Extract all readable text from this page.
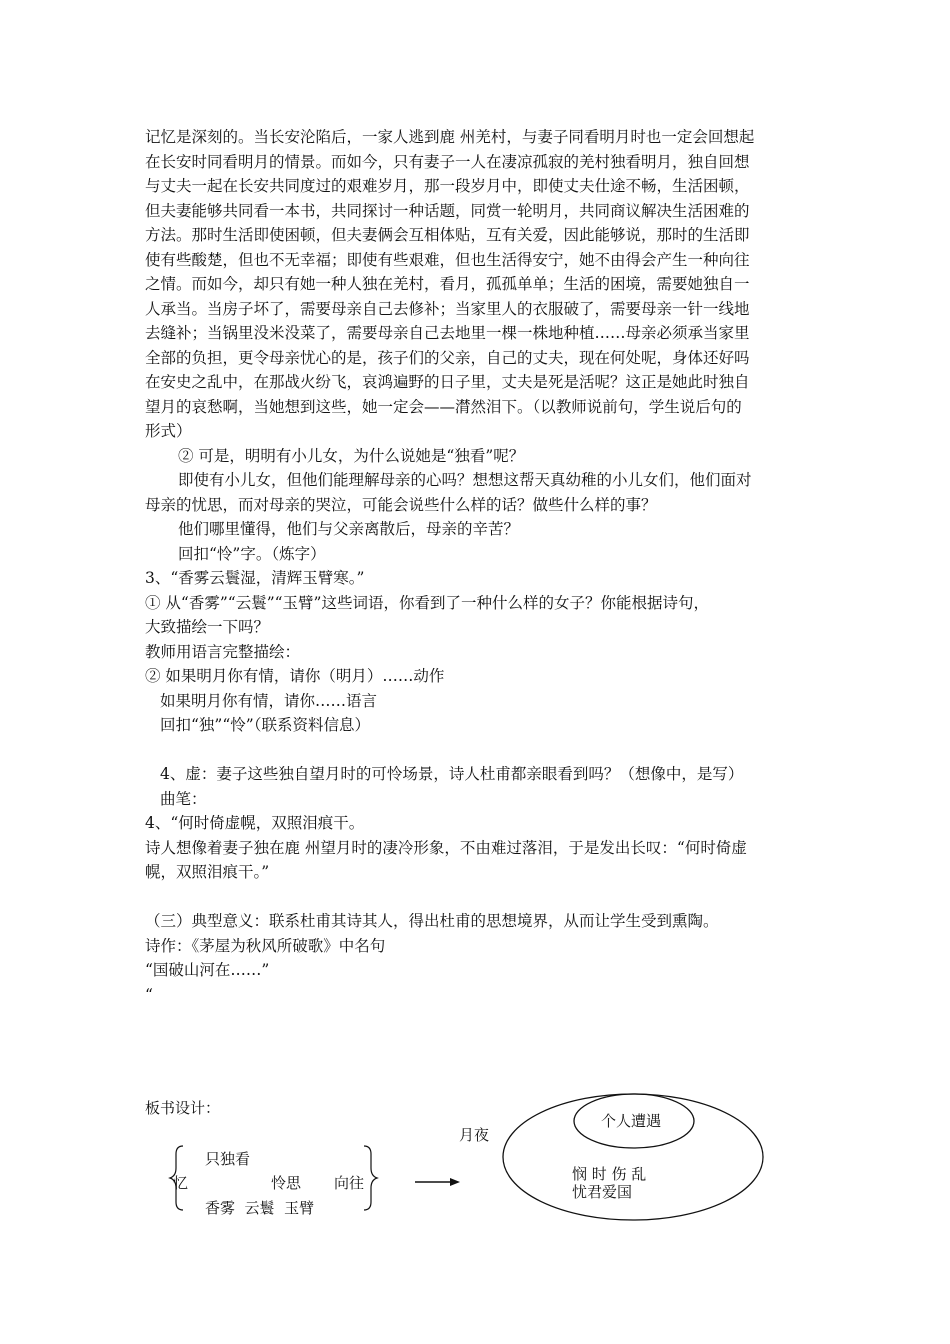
记忆是深刻的。当长安沦陷后，一家人逃到鹿 州羌村，与妻子同看明月时也一定会回想起
在长安时同看明月的情景。而如今，只有妻子一人在凄凉孤寂的羌村独看明月，独自回想
与丈夫一起在长安共同度过的艰难岁月，那一段岁月中，即使丈夫仕途不畅，生活困顿，
但夫妻能够共同看一本书，共同探讨一种话题，同赏一轮明月，共同商议解决生活困难的
方法。那时生活即使困顿，但夫妻俩会互相体贴，互有关爱，因此能够说，那时的生活即
使有些酸楚，但也不无幸福；即使有些艰难，但也生活得安宁，她不由得会产生一种向往
之情。而如今，却只有她一种人独在羌村，看月，孤孤单单；生活的困境，需要她独自一
人承当。当房子坏了，需要母亲自己去修补；当家里人的衣服破了，需要母亲一针一线地
去缝补；当锅里没米没菜了，需要母亲自己去地里一棵一株地种植……母亲必须承当家里
全部的负担，更令母亲忧心的是，孩子们的父亲，自己的丈夫，现在何处呢，身体还好吗
在安史之乱中，在那战火纷飞，哀鸿遍野的日子里，丈夫是死是活呢？这正是她此时独自
望月的哀愁啊，当她想到这些，她一定会——潸然泪下。（以教师说前句，学生说后句的
形式）
② 可是，明明有小儿女，为什么说她是“独看”呢？
即使有小儿女，但他们能理解母亲的心吗？想想这帮天真幼稚的小儿女们，他们面对
母亲的忧思，而对母亲的哭泣，可能会说些什么样的话？做些什么样的事？
他们哪里懂得，他们与父亲离散后，母亲的辛苦？
回扣“怜”字。（炼字）
3、“香雾云鬟湿，清辉玉臂寒。”
① 从“香雾”“云鬟”“玉臂”这些词语，你看到了一种什么样的女子？你能根据诗句，
大致描绘一下吗？
教师用语言完整描绘：
② 如果明月你有情，请你（明月）……动作
如果明月你有情，请你……语言
回扣“独”“怜”（联系资料信息）
4、虚：妻子这些独自望月时的可怜场景，诗人杜甫都亲眼看到吗？（想像中，是写）
曲笔：
4、“何时倚虚幌，双照泪痕干。
诗人想像着妻子独在鹿 州望月时的凄冷形象，不由难过落泪，于是发出长叹：“何时倚虚
幌，双照泪痕干。”
（三）典型意义：联系杜甫其诗其人，得出杜甫的思想境界，从而让学生受到熏陶。
诗作：《茅屋为秋风所破歌》中名句
“国破山河在……”
“
板书设计：
忆
只独看
怜思 向往
香雾  云鬟  玉臂
月夜
个人遭遇
悯 时 伤 乱
忧君爱国
